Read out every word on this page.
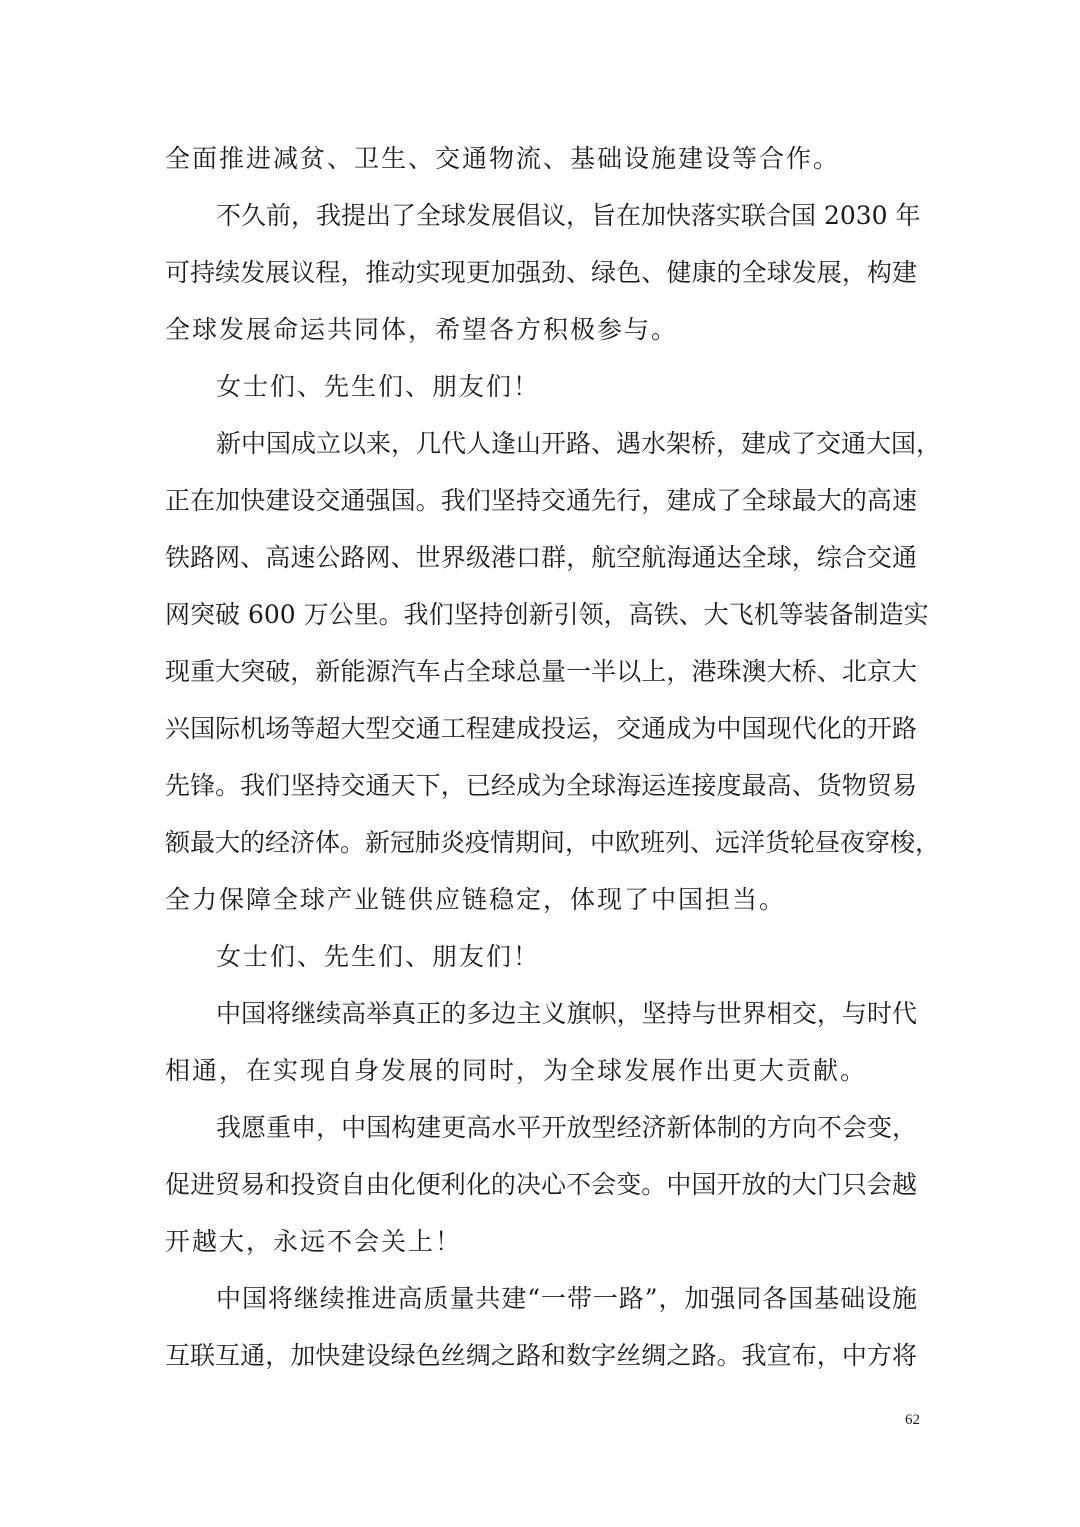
全面推进减贫、卫生、交通物流、基础设施建设等合作。
不久前，我提出了全球发展倡议，旨在加快落实联合国 2030 年
可持续发展议程，推动实现更加强劲、绿色、健康的全球发展，构建
全球发展命运共同体，希望各方积极参与。
女士们、先生们、朋友们！
新中国成立以来，几代人逢山开路、遇水架桥，建成了交通大国，
正在加快建设交通强国。我们坚持交通先行，建成了全球最大的高速
铁路网、高速公路网、世界级港口群，航空航海通达全球，综合交通
网突破 600 万公里。我们坚持创新引领，高铁、大飞机等装备制造实
现重大突破，新能源汽车占全球总量一半以上，港珠澳大桥、北京大
兴国际机场等超大型交通工程建成投运，交通成为中国现代化的开路
先锋。我们坚持交通天下，已经成为全球海运连接度最高、货物贸易
额最大的经济体。新冠肺炎疫情期间，中欧班列、远洋货轮昼夜穿梭，
全力保障全球产业链供应链稳定，体现了中国担当。
女士们、先生们、朋友们！
中国将继续高举真正的多边主义旗帜，坚持与世界相交，与时代
相通，在实现自身发展的同时，为全球发展作出更大贡献。
我愿重申，中国构建更高水平开放型经济新体制的方向不会变，
促进贸易和投资自由化便利化的决心不会变。中国开放的大门只会越
开越大，永远不会关上！
中国将继续推进高质量共建“一带一路”，加强同各国基础设施
互联互通，加快建设绿色丝绸之路和数字丝绸之路。我宣布，中方将
62
